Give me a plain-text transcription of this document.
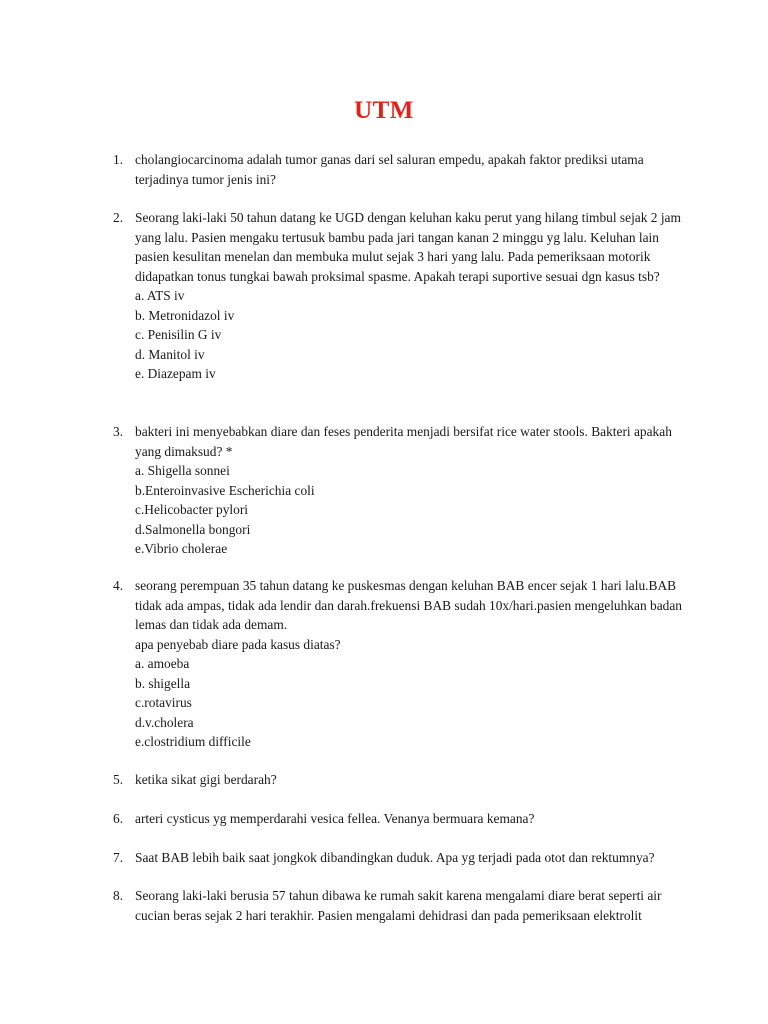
UTM
1. cholangiocarcinoma adalah tumor ganas dari sel saluran empedu, apakah faktor prediksi utama terjadinya tumor jenis ini?
2. Seorang laki-laki 50 tahun datang ke UGD dengan keluhan kaku perut yang hilang timbul sejak 2 jam yang lalu. Pasien mengaku tertusuk bambu pada jari tangan kanan 2 minggu yg lalu. Keluhan lain pasien kesulitan menelan dan membuka mulut sejak 3 hari yang lalu. Pada pemeriksaan motorik didapatkan tonus tungkai bawah proksimal spasme. Apakah terapi suportive sesuai dgn kasus tsb?
a. ATS iv
b. Metronidazol iv
c. Penisilin G iv
d. Manitol iv
e. Diazepam iv
3. bakteri ini menyebabkan diare dan feses penderita menjadi bersifat rice water stools. Bakteri apakah yang dimaksud? *
a. Shigella sonnei
b.Enteroinvasive Escherichia coli
c.Helicobacter pylori
d.Salmonella bongori
e.Vibrio cholerae
4. seorang perempuan 35 tahun datang ke puskesmas dengan keluhan BAB encer sejak 1 hari lalu.BAB tidak ada ampas, tidak ada lendir dan darah.frekuensi BAB sudah 10x/hari.pasien mengeluhkan badan lemas dan tidak ada demam.
apa penyebab diare pada kasus diatas?
a. amoeba
b. shigella
c.rotavirus
d.v.cholera
e.clostridium difficile
5. ketika sikat gigi berdarah?
6. arteri cysticus yg memperdarahi vesica fellea. Venanya bermuara kemana?
7. Saat BAB lebih baik saat jongkok dibandingkan duduk. Apa yg terjadi pada otot dan rektumnya?
8. Seorang laki-laki berusia 57 tahun dibawa ke rumah sakit karena mengalami diare berat seperti air cucian beras sejak 2 hari terakhir. Pasien mengalami dehidrasi dan pada pemeriksaan elektrolit
